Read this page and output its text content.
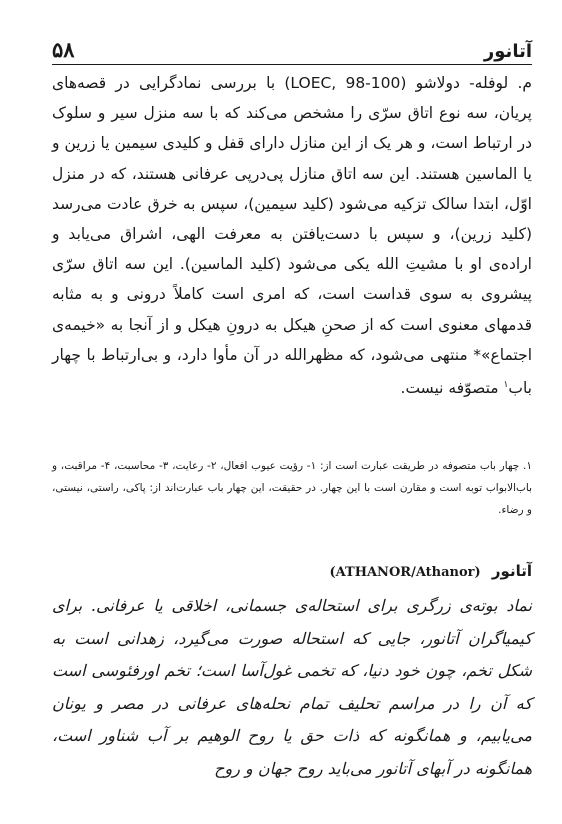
۵۸	آتانور

م. لوفله- دولاشو (LOEC, 98-100) با بررسی نمادگرایی در قصه‌های پریان، سه نوع اتاق سرّی را مشخص می‌کند که با سه منزل سیر و سلوک در ارتباط است، و هر یک از این منازل دارای قفل و کلیدی سیمین یا زرین و یا الماسین هستند. این سه اتاق منازل پی‌درپی عرفانی هستند، که در منزل اوّل، ابتدا سالک تزکیه می‌شود (کلید سیمین)، سپس به خرق عادت می‌رسد (کلید زرین)، و سپس با دست‌یافتن به معرفت الهی، اشراق می‌یابد و اراده‌ی او با مشیتِ الله یکی می‌شود (کلید الماسین). این سه اتاق سرّی پیشروی به سوی قداست است، که امری است کاملاً درونی و به مثابه قدمهای معنوی است که از صحنِ هیکل به درونِ هیکل و از آنجا به «خیمه‌ی اجتماع»* منتهی می‌شود، که مظهرالله در آن مأوا دارد، و بی‌ارتباط با چهار باب$^۱$ متصوّفه نیست.

۱. چهار باب متصوفه در طریقت عبارت است از: ۱- رؤیت عیوب افعال، ۲- رعایت، ۳- محاسبت، ۴- مراقبت، و باب‌الابواب توبه است و مقارن است با این چهار. در حقیقت، این چهار باب عبارت‌اند از: پاکی، راستی، نیستی، و رضاء.

آتانور (ATHANOR/Athanor)

نماد بوته‌ی زرگری برای استحاله‌ی جسمانی، اخلاقی یا عرفانی. برای کیمیاگران آتانور، جایی که استحاله صورت می‌گیرد، زهدانی است به شکل تخم، چون خود دنیا، که تخمی غول‌آسا است؛ تخم اورفئوسی است که آن را در مراسم تحلیف تمام نحله‌های عرفانی در مصر و یونان می‌یابیم، و همانگونه که ذات حق یا روح الوهیم بر آب شناور است، همانگونه در آبهای آتانور می‌باید روح جهان و روح
